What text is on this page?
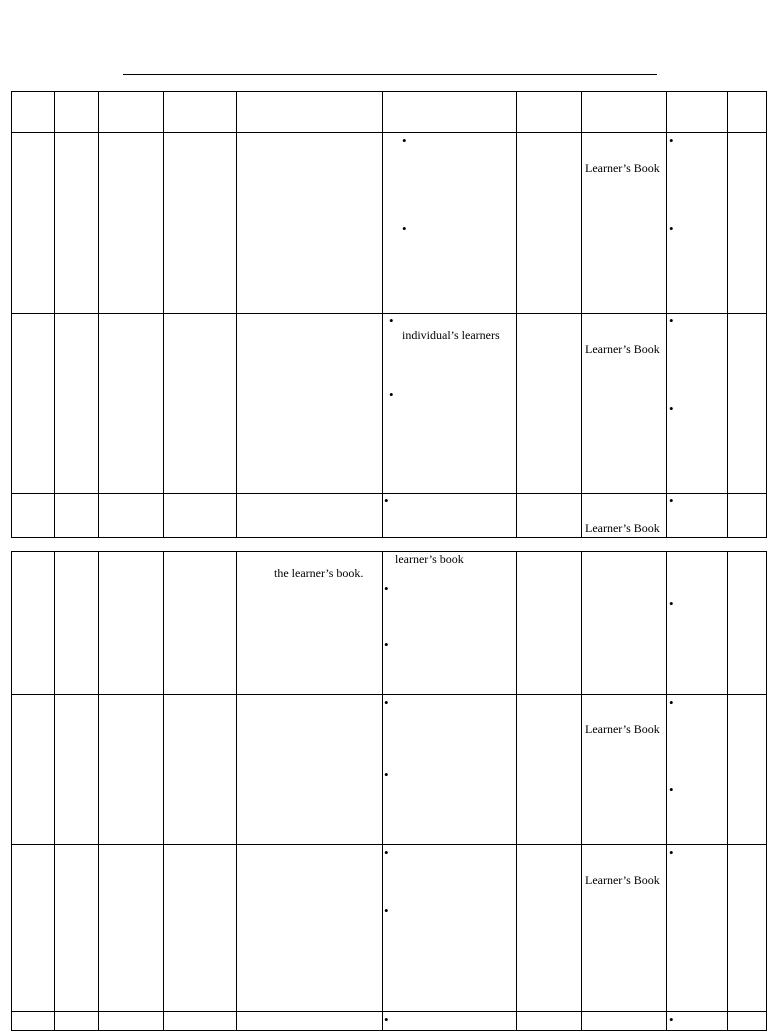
•
•
Learner’s Book
•
•
•
individual’s learners
•
Learner’s Book
•
•
•
Learner’s Book
•
the learner’s book.
learner’s book
•
•
•
•
•
Learner’s Book
•
•
•
•
Learner’s Book
•
•	•
